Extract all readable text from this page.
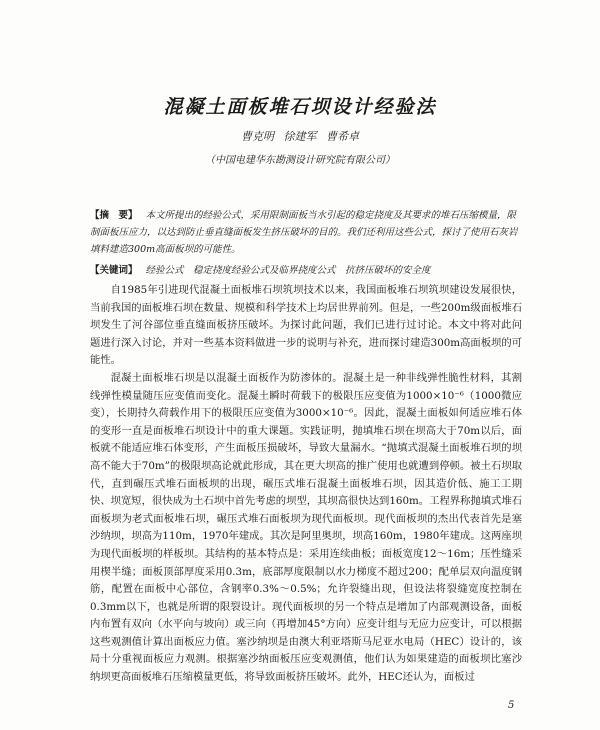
混凝土面板堆石坝设计经验法
曹克明 徐建军 曹希卓
（中国电建华东勘测设计研究院有限公司）
【摘　要】 本文所提出的经验公式，采用限制面板当水引起的稳定挠度及其要求的堆石压缩模量，限制面板压应力，以达到防止垂直缝面板发生挤压破坏的目的。我们还利用这些公式，探讨了使用石灰岩填料建造300m高面板坝的可能性。
【关键词】 经验公式　稳定挠度经验公式及临界挠度公式　抗挤压破坏的安全度

自1985年引进现代混凝土面板堆石坝筑坝技术以来，我国面板堆石坝筑坝建设发展很快，当前我国的面板堆石坝在数量、规模和科学技术上均居世界前列。但是，一些200m级面板堆石坝发生了河谷部位垂直缝面板挤压破坏。为探讨此问题，我们已进行过讨论。本文中将对此问题进行深入讨论，并对一些基本资料做进一步的说明与补充，进而探讨建造300m高面板坝的可能性。

混凝土面板堆石坝是以混凝土面板作为防渗体的。混凝土是一种非线弹性脆性材料，其割线弹性模量随压应变值而变化。混凝土瞬时荷载下的极限压应变值为1000×10⁻⁶（1000微应变），长期持久荷载作用下的极限压应变值为3000×10⁻⁶。因此，混凝土面板如何适应堆石体的变形一直是面板堆石坝设计中的重大课题。实践证明，抛填堆石坝在坝高大于70m以后，面板就不能适应堆石体变形，产生面板压损破坏，导致大量漏水。“抛填式混凝土面板堆石坝的坝高不能大于70m”的极限坝高论就此形成，其在更大坝高的推广使用也就遭到停顿。被土石坝取代，直到碾压式堆石面板坝的出现，碾压式堆石混凝土面板堆石坝，因其造价低、施工工期快、坝宽短，很快成为土石坝中首先考虑的坝型，其坝高很快达到160m。工程界称抛填式堆石面板坝为老式面板堆石坝，碾压式堆石面板坝为现代面板坝。现代面板坝的杰出代表首先是塞沙纳坝，坝高为110m，1970年建成。其次是阿里奥坝，坝高160m，1980年建成。这两座坝为现代面板坝的样板坝。其结构的基本特点是：采用连续曲板；面板宽度12～16m；压性缝采用楔半缝；面板顶部厚度采用0.3m，底部厚度限制以水力梯度不超过200；配单层双向温度钢筋，配置在面板中心部位，含钢率0.3%～0.5%；允许裂缝出现，但设法将裂缝宽度控制在0.3mm以下，也就是所谓的限裂设计。现代面板坝的另一个特点是增加了内部观测设备，面板内布置有双向（水平向与坡向）或三向（再增加45°方向）应变计组与无应力应变计，可以根据这些观测值计算出面板应力值。塞沙纳坝是由澳大利亚塔斯马尼亚水电局（HEC）设计的，该局十分重视面板应力观测。根据塞沙纳面板压应变观测值，他们认为如果建造的面板坝比塞沙纳坝更高面板堆石压缩模量更低，将导致面板挤压破坏。此外，HEC还认为，面板过

5
